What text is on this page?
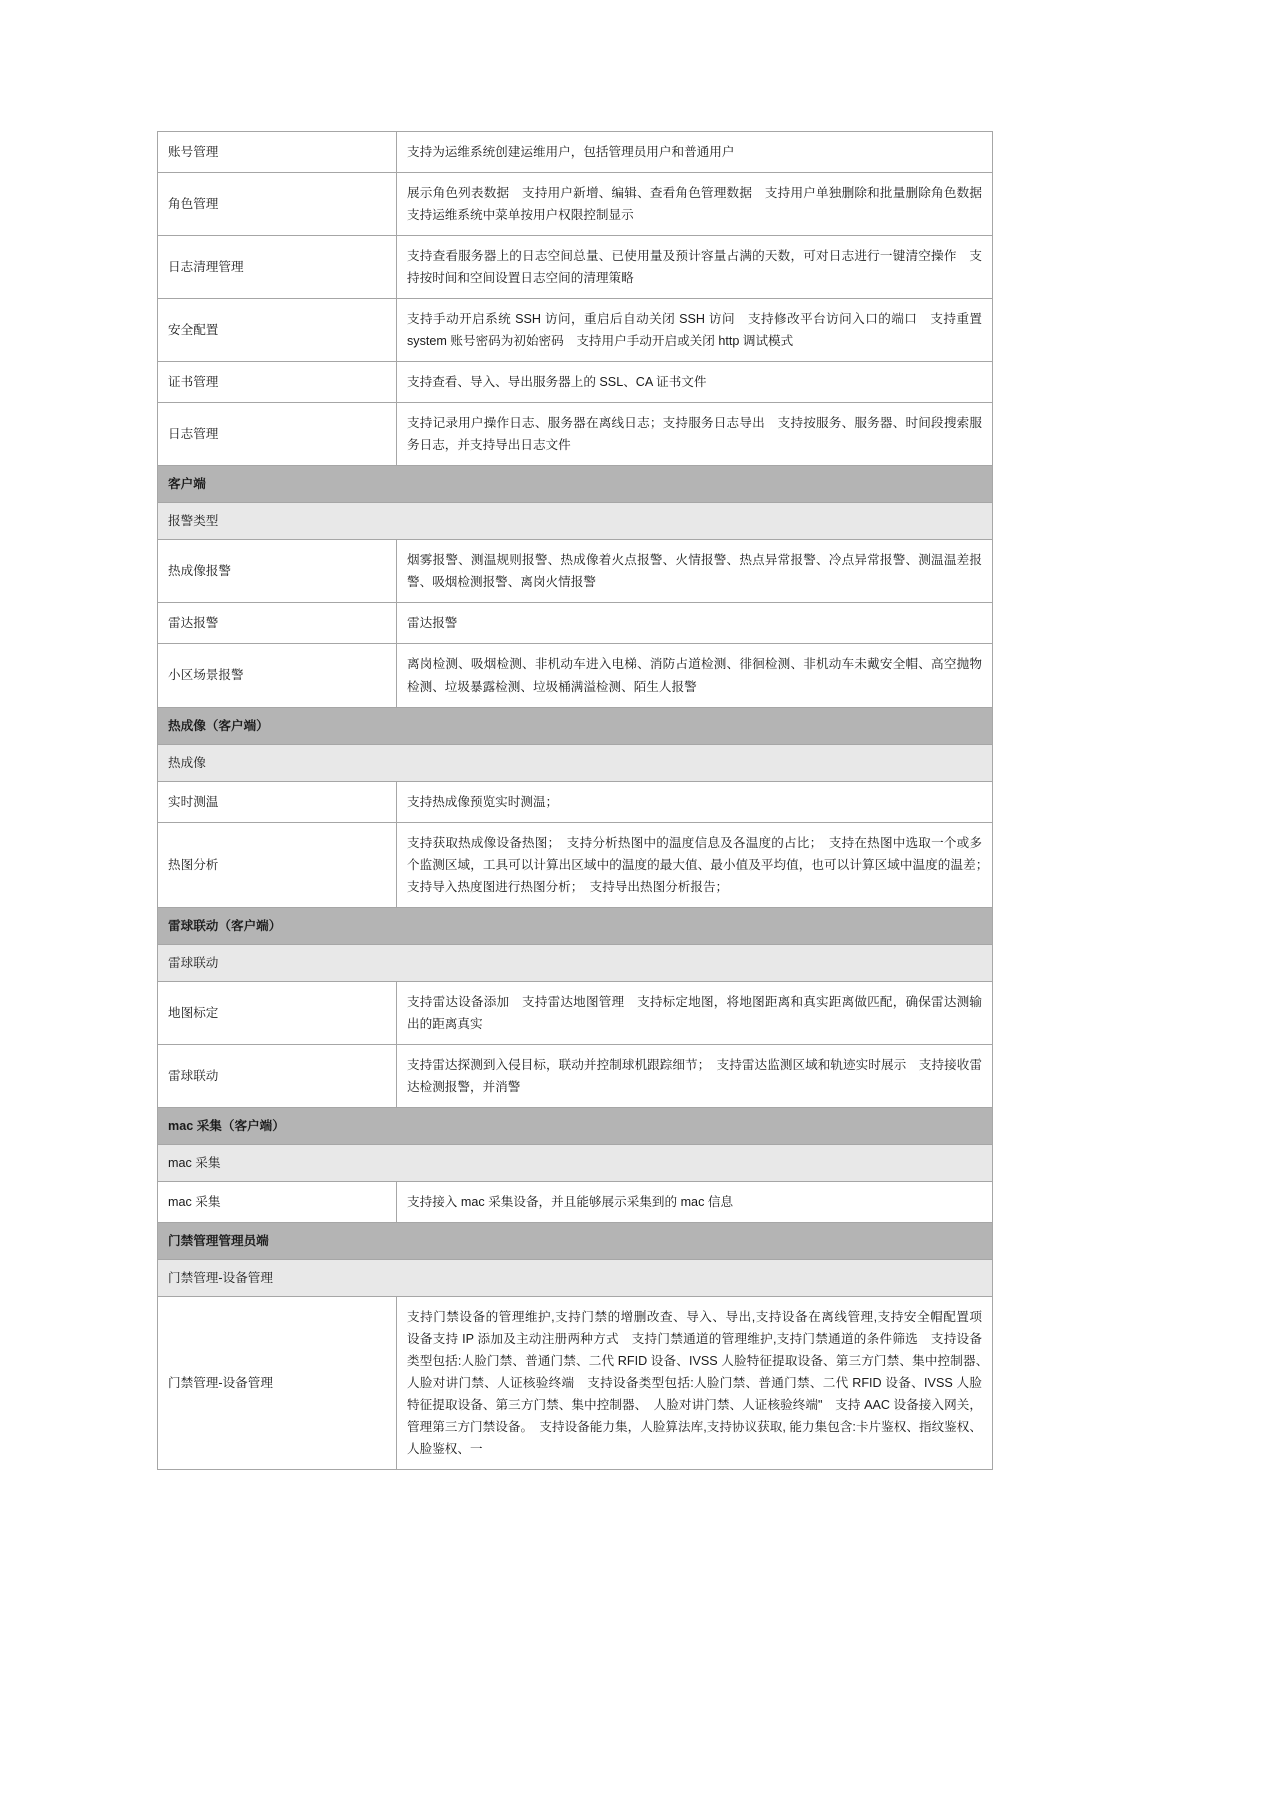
账号管理	支持为运维系统创建运维用户，包括管理员用户和普通用户

角色管理	展示角色列表数据　支持用户新增、编辑、查看角色管理数据　支持用户单独删除和批量删除角色数据　支持运维系统中菜单按用户权限控制显示

日志清理管理	支持查看服务器上的日志空间总量、已使用量及预计容量占满的天数，可对日志进行一键清空操作　支持按时间和空间设置日志空间的清理策略

安全配置	支持手动开启系统 SSH 访问，重启后自动关闭 SSH 访问　支持修改平台访问入口的端口　支持重置 system 账号密码为初始密码　支持用户手动开启或关闭 http 调试模式

证书管理	支持查看、导入、导出服务器上的 SSL、CA 证书文件

日志管理	支持记录用户操作日志、服务器在离线日志；支持服务日志导出　支持按服务、服务器、时间段搜索服务日志，并支持导出日志文件

客户端	

报警类型	

热成像报警	烟雾报警、测温规则报警、热成像着火点报警、火情报警、热点异常报警、冷点异常报警、测温温差报警、吸烟检测报警、离岗火情报警

雷达报警	雷达报警

小区场景报警	离岗检测、吸烟检测、非机动车进入电梯、消防占道检测、徘徊检测、非机动车未戴安全帽、高空抛物检测、垃圾暴露检测、垃圾桶满溢检测、陌生人报警

热成像（客户端）	

热成像	

实时测温	支持热成像预览实时测温；

热图分析	支持获取热成像设备热图；　支持分析热图中的温度信息及各温度的占比；　支持在热图中选取一个或多个监测区域，工具可以计算出区域中的温度的最大值、最小值及平均值，也可以计算区域中温度的温差；　支持导入热度图进行热图分析；　支持导出热图分析报告；

雷球联动（客户端）	

雷球联动	

地图标定	支持雷达设备添加　支持雷达地图管理　支持标定地图，将地图距离和真实距离做匹配，确保雷达测输出的距离真实

雷球联动	支持雷达探测到入侵目标，联动并控制球机跟踪细节；　支持雷达监测区域和轨迹实时展示　支持接收雷达检测报警，并消警

mac 采集（客户端）	

mac 采集	

mac 采集	支持接入 mac 采集设备，并且能够展示采集到的 mac 信息

门禁管理管理员端	

门禁管理-设备管理	

门禁管理-设备管理	支持门禁设备的管理维护,支持门禁的增删改查、导入、导出,支持设备在离线管理,支持安全帽配置项　设备支持 IP 添加及主动注册两种方式　支持门禁通道的管理维护,支持门禁通道的条件筛选　支持设备类型包括:人脸门禁、普通门禁、二代 RFID 设备、IVSS 人脸特征提取设备、第三方门禁、集中控制器、　人脸对讲门禁、人证核验终端　支持设备类型包括:人脸门禁、普通门禁、二代 RFID 设备、IVSS 人脸特征提取设备、第三方门禁、集中控制器、　人脸对讲门禁、人证核验终端"　支持 AAC 设备接入网关，管理第三方门禁设备。　支持设备能力集，人脸算法库,支持协议获取, 能力集包含:卡片鉴权、指纹鉴权、人脸鉴权、一
